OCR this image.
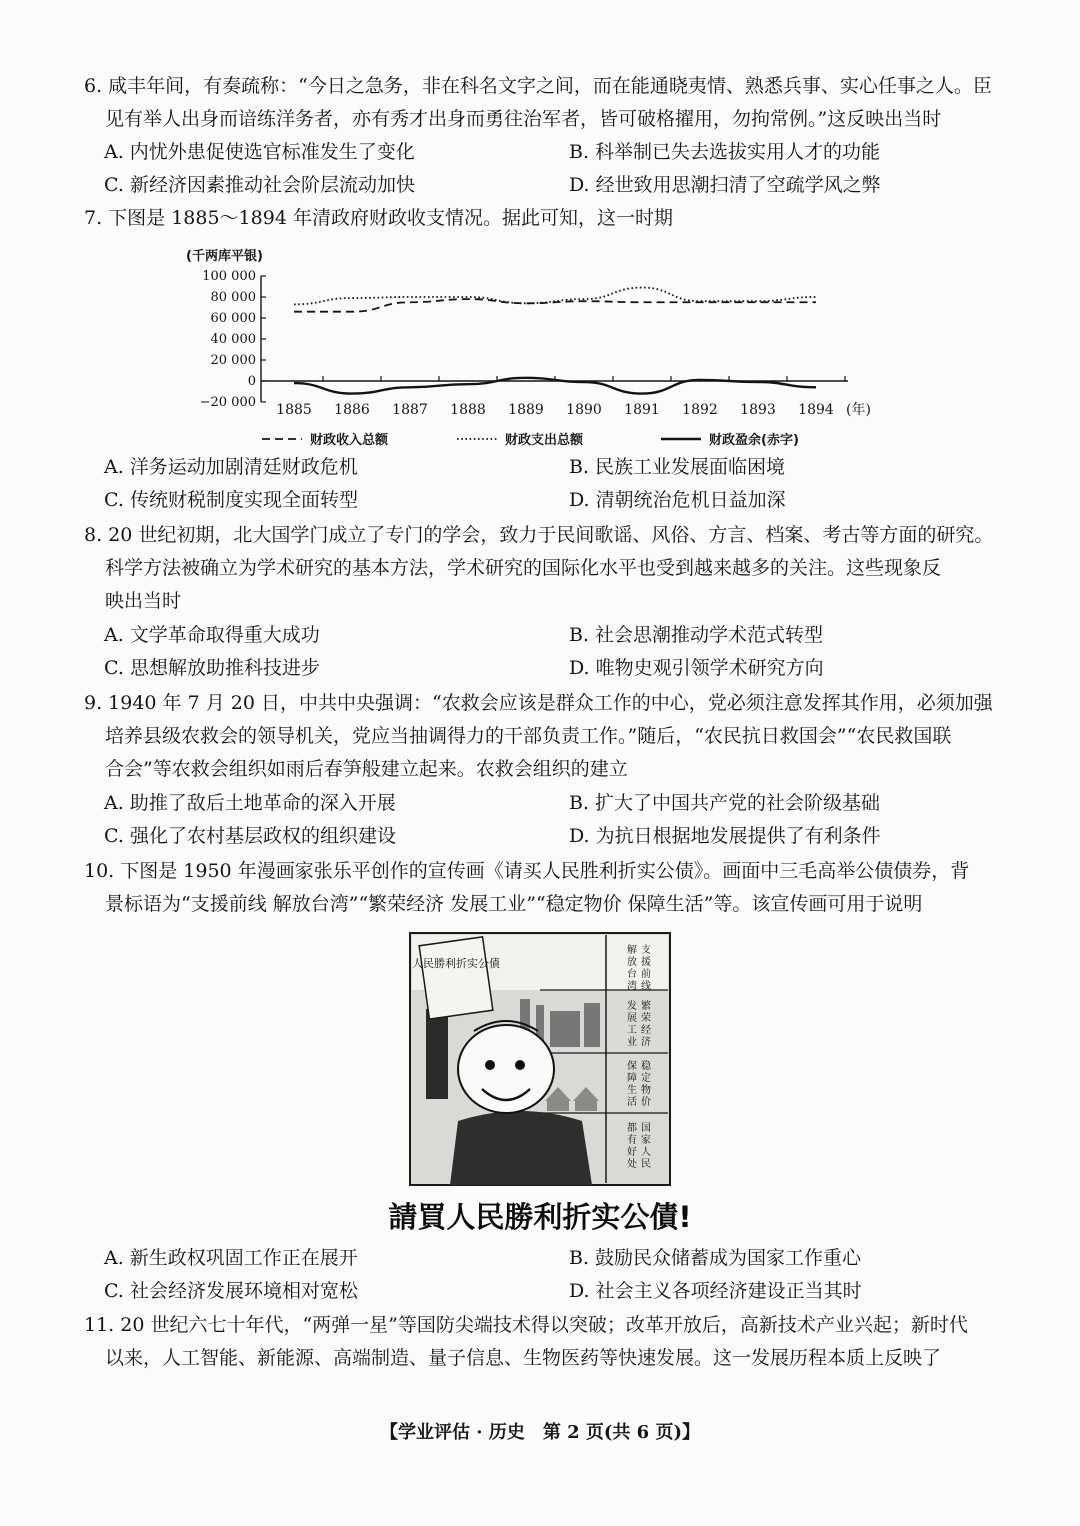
6. 咸丰年间，有奏疏称：“今日之急务，非在科名文字之间，而在能通晓夷情、熟悉兵事、实心任事之人。臣

见有举人出身而谙练洋务者，亦有秀才出身而勇往治军者，皆可破格擢用，勿拘常例。”这反映出当时

A. 内忧外患促使选官标准发生了变化	B. 科举制已失去选拔实用人才的功能
C. 新经济因素推动社会阶层流动加快	D. 经世致用思潮扫清了空疏学风之弊

7. 下图是 1885～1894 年清政府财政收支情况。据此可知，这一时期

(千两库平银)
100 000
80 000
60 000
40 000
20 000
0
−20 000 1885 1886 1887 1888 1889 1890 1891 1892 1893 1894 (年)
财政收入总额	财政支出总额	财政盈余(赤字)
A. 洋务运动加剧清廷财政危机	B. 民族工业发展面临困境
C. 传统财税制度实现全面转型	D. 清朝统治危机日益加深

8. 20 世纪初期，北大国学门成立了专门的学会，致力于民间歌谣、风俗、方言、档案、考古等方面的研究。

科学方法被确立为学术研究的基本方法，学术研究的国际化水平也受到越来越多的关注。这些现象反

映出当时

A. 文学革命取得重大成功	B. 社会思潮推动学术范式转型
C. 思想解放助推科技进步	D. 唯物史观引领学术研究方向

9. 1940 年 7 月 20 日，中共中央强调：“农救会应该是群众工作的中心，党必须注意发挥其作用，必须加强

培养县级农救会的领导机关，党应当抽调得力的干部负责工作。”随后，“农民抗日救国会”“农民救国联

合会”等农救会组织如雨后春笋般建立起来。农救会组织的建立

A. 助推了敌后土地革命的深入开展	B. 扩大了中国共产党的社会阶级基础
C. 强化了农村基层政权的组织建设	D. 为抗日根据地发展提供了有利条件

10. 下图是 1950 年漫画家张乐平创作的宣传画《请买人民胜利折实公债》。画面中三毛高举公债债券，背

景标语为“支援前线 解放台湾”“繁荣经济 发展工业”“稳定物价 保障生活”等。该宣传画可用于说明

人民勝利折实公債
支
援
前
线
解
放
台
湾
繁
荣
经
济
发
展
工
业
稳
定
物
价
保
障
生
活
国
家
人
民
都
有
好
处
請買人民勝利折实公債!
A. 新生政权巩固工作正在展开	B. 鼓励民众储蓄成为国家工作重心
C. 社会经济发展环境相对宽松	D. 社会主义各项经济建设正当其时

11. 20 世纪六七十年代，“两弹一星”等国防尖端技术得以突破；改革开放后，高新技术产业兴起；新时代

以来，人工智能、新能源、高端制造、量子信息、生物医药等快速发展。这一发展历程本质上反映了

【学业评估 · 历史　第 2 页(共 6 页)】
